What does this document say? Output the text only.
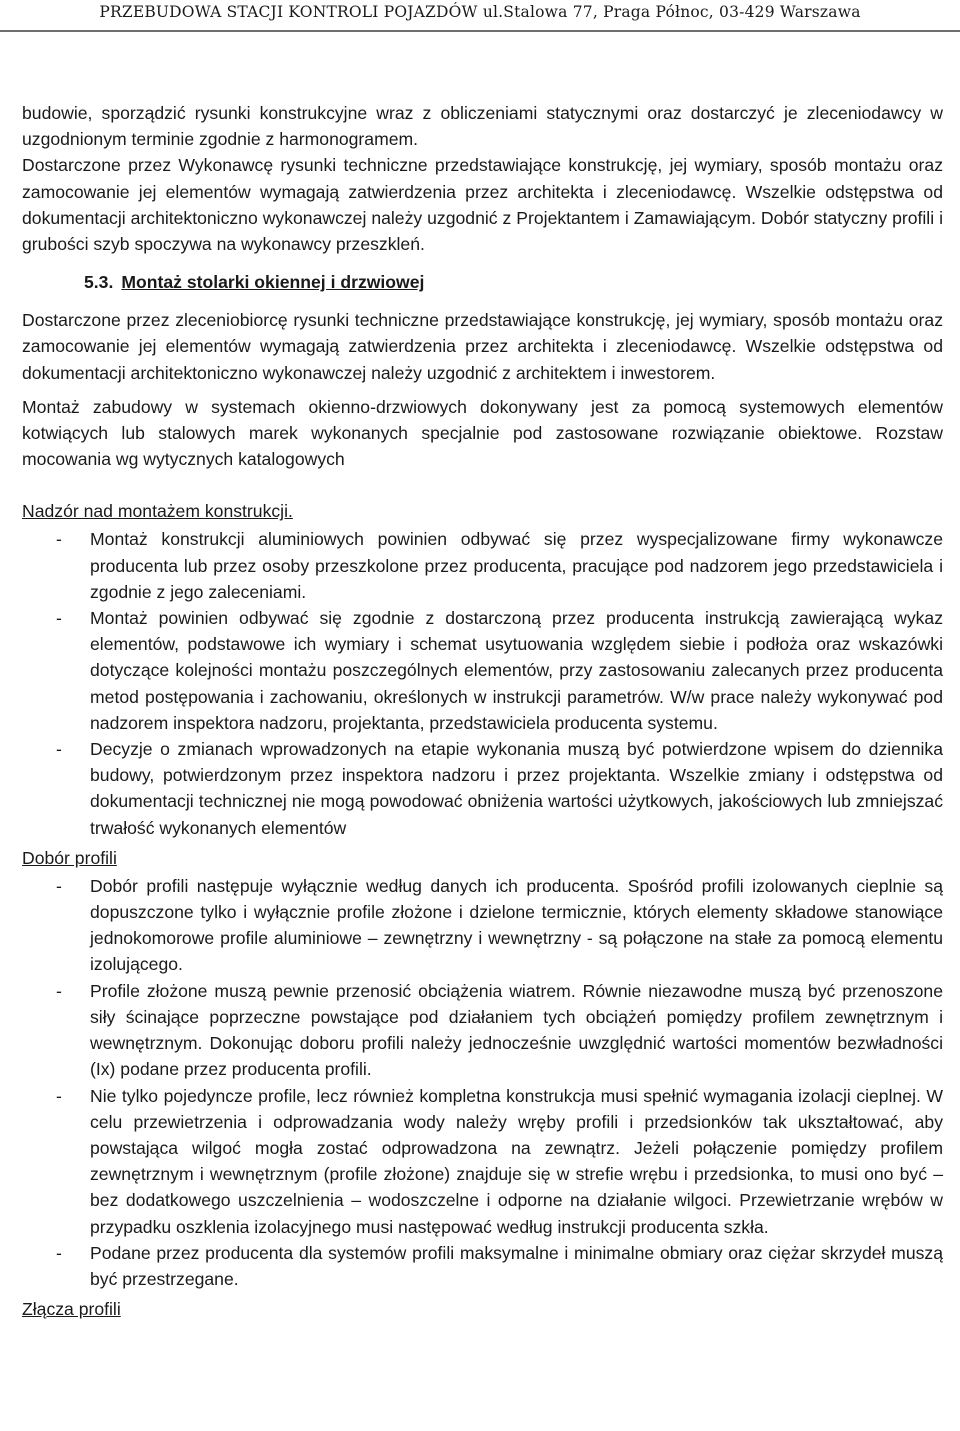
PRZEBUDOWA STACJI KONTROLI POJAZDÓW ul.Stalowa 77, Praga Północ, 03-429 Warszawa

budowie, sporządzić rysunki konstrukcyjne wraz z obliczeniami statycznymi oraz dostarczyć je zleceniodawcy w uzgodnionym terminie zgodnie z harmonogramem.

Dostarczone przez Wykonawcę rysunki techniczne przedstawiające konstrukcję, jej wymiary, sposób montażu oraz zamocowanie jej elementów wymagają zatwierdzenia przez architekta i zleceniodawcę. Wszelkie odstępstwa od dokumentacji architektoniczno wykonawczej należy uzgodnić z Projektantem i Zamawiającym. Dobór statyczny profili i grubości szyb spoczywa na wykonawcy przeszkleń.

5.3. Montaż stolarki okiennej i drzwiowej

Dostarczone przez zleceniobiorcę rysunki techniczne przedstawiające konstrukcję, jej wymiary, sposób montażu oraz zamocowanie jej elementów wymagają zatwierdzenia przez architekta i zleceniodawcę. Wszelkie odstępstwa od dokumentacji architektoniczno wykonawczej należy uzgodnić z architektem i inwestorem.

Montaż zabudowy w systemach okienno-drzwiowych dokonywany jest za pomocą systemowych elementów kotwiących lub stalowych marek wykonanych specjalnie pod zastosowane rozwiązanie obiektowe. Rozstaw mocowania wg wytycznych katalogowych

Nadzór nad montażem konstrukcji.

- Montaż konstrukcji aluminiowych powinien odbywać się przez wyspecjalizowane firmy wykonawcze producenta lub przez osoby przeszkolone przez producenta, pracujące pod nadzorem jego przedstawiciela i zgodnie z jego zaleceniami.
- Montaż powinien odbywać się zgodnie z dostarczoną przez producenta instrukcją zawierającą wykaz elementów, podstawowe ich wymiary i schemat usytuowania względem siebie i podłoża oraz wskazówki dotyczące kolejności montażu poszczególnych elementów, przy zastosowaniu zalecanych przez producenta metod postępowania i zachowaniu, określonych w instrukcji parametrów. W/w prace należy wykonywać pod nadzorem inspektora nadzoru, projektanta, przedstawiciela producenta systemu.
- Decyzje o zmianach wprowadzonych na etapie wykonania muszą być potwierdzone wpisem do dziennika budowy, potwierdzonym przez inspektora nadzoru i przez projektanta. Wszelkie zmiany i odstępstwa od dokumentacji technicznej nie mogą powodować obniżenia wartości użytkowych, jakościowych lub zmniejszać trwałość wykonanych elementów

Dobór profili

- Dobór profili następuje wyłącznie według danych ich producenta. Spośród profili izolowanych cieplnie są dopuszczone tylko i wyłącznie profile złożone i dzielone termicznie, których elementy składowe stanowiące jednokomorowe profile aluminiowe – zewnętrzny i wewnętrzny - są połączone na stałe za pomocą elementu izolującego.
- Profile złożone muszą pewnie przenosić obciążenia wiatrem. Równie niezawodne muszą być przenoszone siły ścinające poprzeczne powstające pod działaniem tych obciążeń pomiędzy profilem zewnętrznym i wewnętrznym. Dokonując doboru profili należy jednocześnie uwzględnić wartości momentów bezwładności (Ix) podane przez producenta profili.
- Nie tylko pojedyncze profile, lecz również kompletna konstrukcja musi spełnić wymagania izolacji cieplnej. W celu przewietrzenia i odprowadzania wody należy wręby profili i przedsionków tak ukształtować, aby powstająca wilgoć mogła zostać odprowadzona na zewnątrz. Jeżeli połączenie pomiędzy profilem zewnętrznym i wewnętrznym (profile złożone) znajduje się w strefie wrębu i przedsionka, to musi ono być – bez dodatkowego uszczelnienia – wodoszczelne i odporne na działanie wilgoci. Przewietrzanie wrębów w przypadku oszklenia izolacyjnego musi następować według instrukcji producenta szkła.
- Podane przez producenta dla systemów profili maksymalne i minimalne obmiary oraz ciężar skrzydeł muszą być przestrzegane.

Złącza profili
